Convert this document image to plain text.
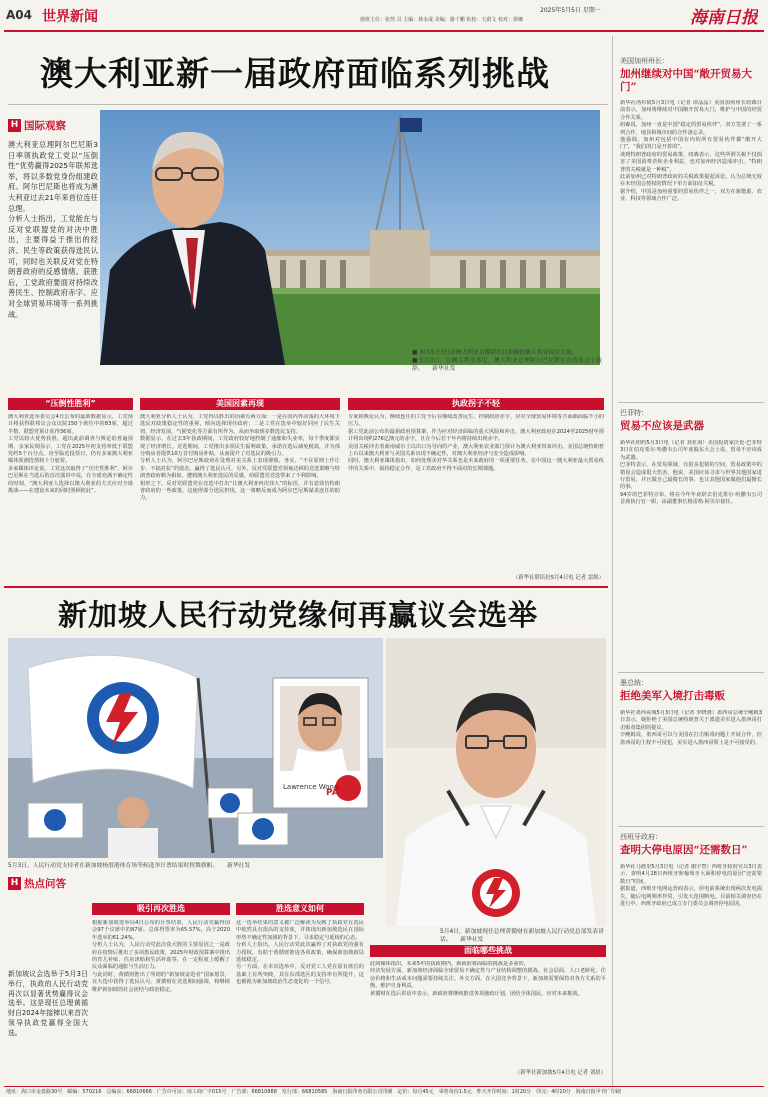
A04 世界新闻	2025年5月5日 星期一
值班主任：张然 员 主编：林永成 美编：骆千鹏 检校：王蔚文 校对：徐娜	海南日报
澳大利亚新一届政府面临系列挑战
H 国际观察
澳大利亚总理阿尔巴尼斯3日率领执政党工党以“压倒性”优势赢得2025年联邦选举，将以多数党身份组建政府。阿尔巴尼斯也将成为澳大利亚过去21年来首位连任总理。
分析人士指出，工党能在与反对党联盟党的对决中胜出，主要得益于推出的经济、民生等政策获得选民认可，同时也关联反对党在特朗普政府的反感情绪。获胜后，工党政府要面对持续改善民生、控制政府赤字、应对全球贸易环境等一系列挑战。
■ 图为5月3日在澳大利亚首都堪培拉拍摄的澳大利亚国会大厦。
■ 5月3日，在澳大利亚悉尼，澳大利亚总理阿尔巴尼斯在竞选集会上致辞。　　新华社发
“压倒性胜利”
澳大利亚选举委员会4日公布的最新数据显示，工党预计将获得联邦议会众议院150个席位中的83席，超过半数，联盟党预计获得36席。
工党以较大优势获胜，超出此前调查与舆论的普遍预期。多家民调显示，工党在2025年初支持率低于联盟党约5个百分点。直至临近投票日，仍有多家澳大利亚媒体预测选情将十分胶着。
多家媒体评论说，工党这次取得了“历史性胜利”。阿尔巴尼斯在当选后的首次演讲中说，在全球充满不确定性的时刻，“澳大利亚人选择以澳大利亚的方式应对全球挑战——在建设未来的同时照顾彼此”。
美国因素再现
澳大利亚分析人士认为，工党得以胜出的因素有两方面：一是在国内外动荡的大环境下选民对政策稳定性的重视，倾向选择现任政府；二是工党在选举中较好回应了民生关切，经济发展、气候变化等方面有所作为，从而争取到多数选民支持。
数据显示，在过去3年执政期间，工党政府较好地控制了通胀和失业率，每个季度都实现了经济增长。竞选期间，工党推出多项民生福利政策，承诺在选后减免税款，并为部分购房者提供10万首付购房补贴，从而提升了对选民的吸引力。
分析人士认为，阿尔巴尼斯政府在处理对美关系上表现谨慎、务实，“不在原则上作让步、不搞对抗”的姿态，赢得了选民认可。另外，反对党联盟党领袖达顿的竞选策略与特朗普政府颇为相似，遭到澳大利亚选民的反感，给联盟党竞选带来了不利影响。
相形之下，反对党联盟党在竞选中打出“让澳大利亚再次伟大”的标语，并有意效仿特朗普政府的一些政策，这使得部分选民担忧，这一策略反而成为阿尔巴尼斯谋求连任的助力。
执政拐子不轻
专家和舆论认为，继续连任的工党今后在继续改善民生、控制政府赤字、应对全球贸易环境等方面都面临不小的压力。
据工党此前公布的最新政府预算案，作为应对经济面临的重大风险和冲击，澳大利亚政府在2024至2025财年预计将出现约276亿澳元的赤字，且在今后若干年内将持续出现赤字。
美国关税冲击着新南威尔士以出口为导向的产业，澳大利亚农业部门预计为澳大利亚带来冲击。美国总统特朗普上台以来澳大利亚与美国关系出现不确定性，对澳大利亚经济与安全造成影响。
同时，澳大利亚媒体指出，如何处理美对华关系也是未来政府的一项重要任务。在中国这一澳大利亚最大贸易伙伴的关系中，保持稳定合作，是工党政府不得不面对的长期课题。
（新华社堪培拉5月4日电 记者 雷绵）
新加坡人民行动党缘何再赢议会选举
Lawrence Wong
PAP
5月3日，人民行动党支持者在新加坡杨厝港体育场等候选举计票结果时挥舞旗帜。　　新华社发
5月4日，新加坡现任总理黄循财在新加坡人民行动党总部发表讲话。　　新华社发
H 热点问答
新加坡议会选举于5月3日举行，执政的人民行动党再次以显著优势赢得议会选举。这是现任总理黄循财自2024年接棒以来首次领导执政党赢得全国大选。
吸引再次胜选
根据新加坡选举局4日公布的计票结果，人民行动党赢得国会97个议席中的87席。总体得票率为65.57%，高于2020年选举的61.24%。
分析人士认为，人民行动党此次获大胜的主要原因之一是政府在疫情后推出了多项惠民政策，2025年财政预算案中推出的育儿补贴、住房津贴和生活补助等，在一定程度上缓解了民众面临的通胀与生活压力。
与此同时，黄循财推出了所谓的“新加坡奋进者”国家愿景，在大选中获得了选民认可。黄循财在竞选期间强调，将继续维护新加坡的社会团结与政治稳定。
胜选意义如何
这一选举结果的意义被广泛解读为反映了执政党在选民中依然具有很高的支持度，并体现出新加坡选民在国际形势不确定性加剧的背景下，寻求稳定与延续的心态。
分析人士指出，人民行动党此次赢得了对执政党的强有力授权，有助于黄循财推进各项政策，确保新加坡政局延续稳定。
另一方面，在本次选举中，反对党工人党在原有席位的基础上有所突破，其在东部选区的支持率有所提升，这也被视为新加坡政治生态变化的一个信号。
面临哪些挑战
此间媒体指出，未来5年的执政期内，新政府将面临的挑战是多重的。
经济发展方面，新加坡经济面临全球贸易不确定性与产业结构调整的挑战。社会层面，人口老龄化、住房价格和生活成本问题需要持续关注。外交方面，在大国竞争背景下，新加坡需要保持对各方关系的平衡，维护自身利益。
黄循财在选后讲话中表示，新政府将继续推进各项施政计划，团结全体国民，应对未来挑战。
（新华社新加坡5月4日电 记者 刘晨）
美国加州州长：
加州继续对中国“敞开贸易大门”
新华社洛杉矶5月3日电（记者 谭晶晶）美国加州州长纽森日前表示，加州将继续对中国敞开贸易大门，维护与中国的经贸合作关系。
纽森说，加州一直是中国“稳定的贸易伙伴”，双方签署了一系列合作、地县和城市间的合作备忘录。
他强调，加州对包括中国在内的所有贸易伙伴都“敞开大门”，“我们的门是开着的”。
谈到特朗普政府的贸易政策，纽森表示，这些所谓关税不仅损害了美国消费者和企业利益，也对加州经济造成冲击，“特朗普的关税就是一种税”。
此前加州已对特朗普政府的关税政策提起诉讼，认为总统无权在未经国会授权的情况下单方面加征关税。
据介绍，中国是加州重要的贸易伙伴之一，双方在新能源、农业、科技等领域合作广泛。
巴菲特：
贸易不应该是武器
新华社纽约5月3日电（记者 刘亚南）美国投资家沃伦·巴菲特3日在伯克希尔·哈撒韦公司年度股东大会上说，贸易不应该成为武器。
巴菲特表示，在贸易领域，有很多犯错的空间，贸易政策中的错误会造成很大伤害。他说，美国应该寻求与世界其他国家进行贸易，并且做自己最擅长的事，也让其他国家做他们最擅长的事。
94岁的巴菲特宣布，将在今年年底辞去伯克希尔·哈撒韦公司首席执行官一职，由副董事长格雷格·阿贝尔接任。
墨总统：
拒绝美军入境打击毒贩
新华社墨西哥城5月3日电（记者 李晓骁）墨西哥总统辛鲍姆3日表示，她拒绝了美国总统特朗普关于派遣美军进入墨西哥打击贩毒集团的提议。
辛鲍姆说，墨西哥可以与美国在打击贩毒问题上开展合作，但墨西哥的主权不可侵犯，美军进入墨西哥领土是不可接受的。
西班牙政府：
查明大停电原因“还需数日”
新华社马德里5月3日电（记者 谢宇智）西班牙政府官员3日表示，查明4月28日西班牙和葡萄牙大面积停电的原因“还需要数日”时间。
据报道，西班牙电网运营商表示，停电前系统出现两次发电损失，随后电网频率异常，引发大范围断电。目前相关调查仍在进行中，西班牙政府已成立专门委员会调查停电原因。
地址：海口市金盘路30号　邮编：570216　总编室：66810666　广告许可证：琼工商广字015号　广告部：66810888　发行部：66810585　海南日报印务有限公司印刷　定价：每月45元　零售每份1.5元　昨天开印时间：1时20分　印完：4时10分　海南日报甲刊广印刷
